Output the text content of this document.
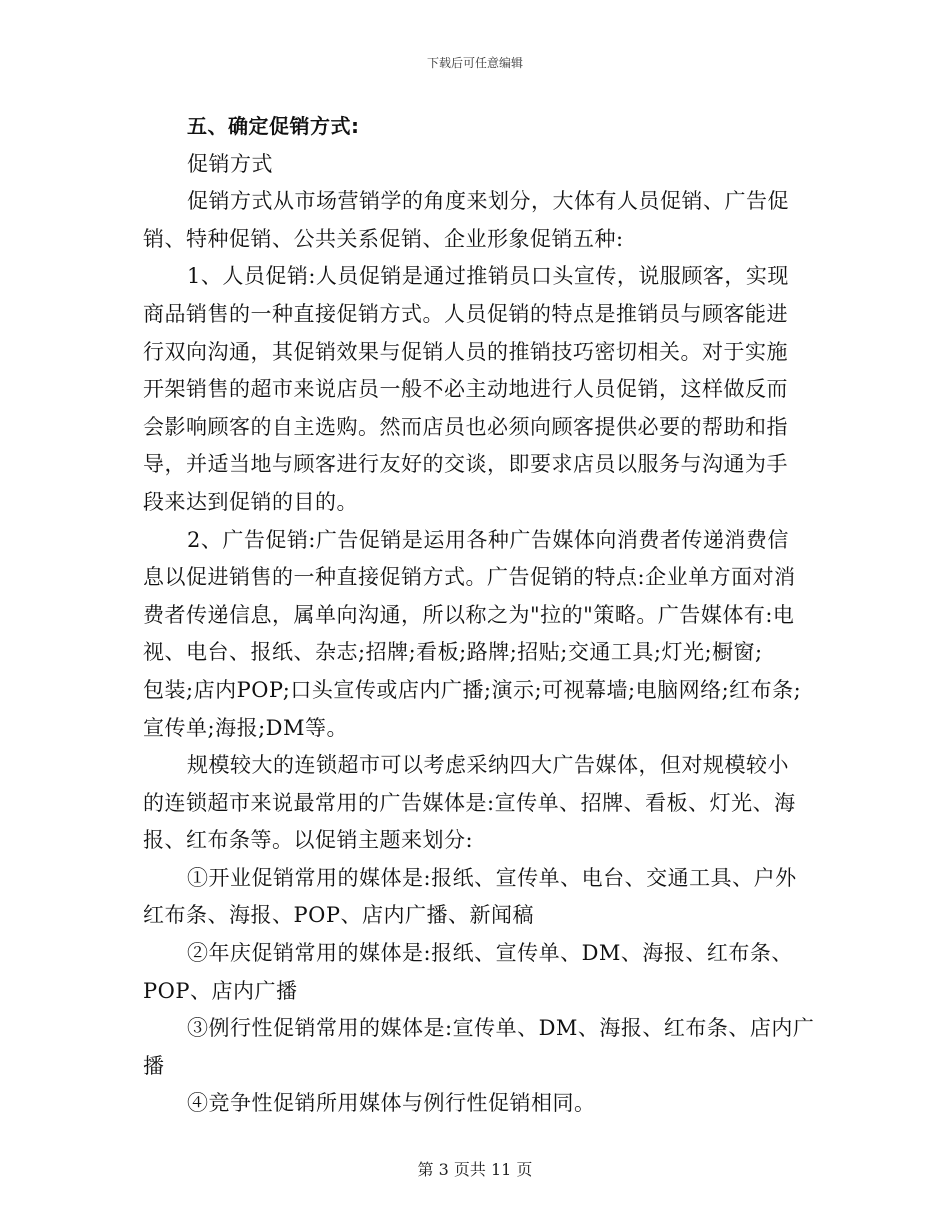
下载后可任意编辑

五、确定促销方式:

促销方式

促销方式从市场营销学的角度来划分，大体有人员促销、广告促
销、特种促销、公共关系促销、企业形象促销五种:

1、人员促销:人员促销是通过推销员口头宣传，说服顾客，实现
商品销售的一种直接促销方式。人员促销的特点是推销员与顾客能进
行双向沟通，其促销效果与促销人员的推销技巧密切相关。对于实施
开架销售的超市来说店员一般不必主动地进行人员促销，这样做反而
会影响顾客的自主选购。然而店员也必须向顾客提供必要的帮助和指
导，并适当地与顾客进行友好的交谈，即要求店员以服务与沟通为手
段来达到促销的目的。

2、广告促销:广告促销是运用各种广告媒体向消费者传递消费信
息以促进销售的一种直接促销方式。广告促销的特点:企业单方面对消
费者传递信息，属单向沟通，所以称之为"拉的"策略。广告媒体有:电
视、电台、报纸、杂志;招牌;看板;路牌;招贴;交通工具;灯光;橱窗;
包装;店内POP;口头宣传或店内广播;演示;可视幕墙;电脑网络;红布条;
宣传单;海报;DM等。

规模较大的连锁超市可以考虑采纳四大广告媒体，但对规模较小
的连锁超市来说最常用的广告媒体是:宣传单、招牌、看板、灯光、海
报、红布条等。以促销主题来划分:

①开业促销常用的媒体是:报纸、宣传单、电台、交通工具、户外
红布条、海报、POP、店内广播、新闻稿

②年庆促销常用的媒体是:报纸、宣传单、DM、海报、红布条、
POP、店内广播

③例行性促销常用的媒体是:宣传单、DM、海报、红布条、店内广
播

④竞争性促销所用媒体与例行性促销相同。

第 3 页共 11 页
